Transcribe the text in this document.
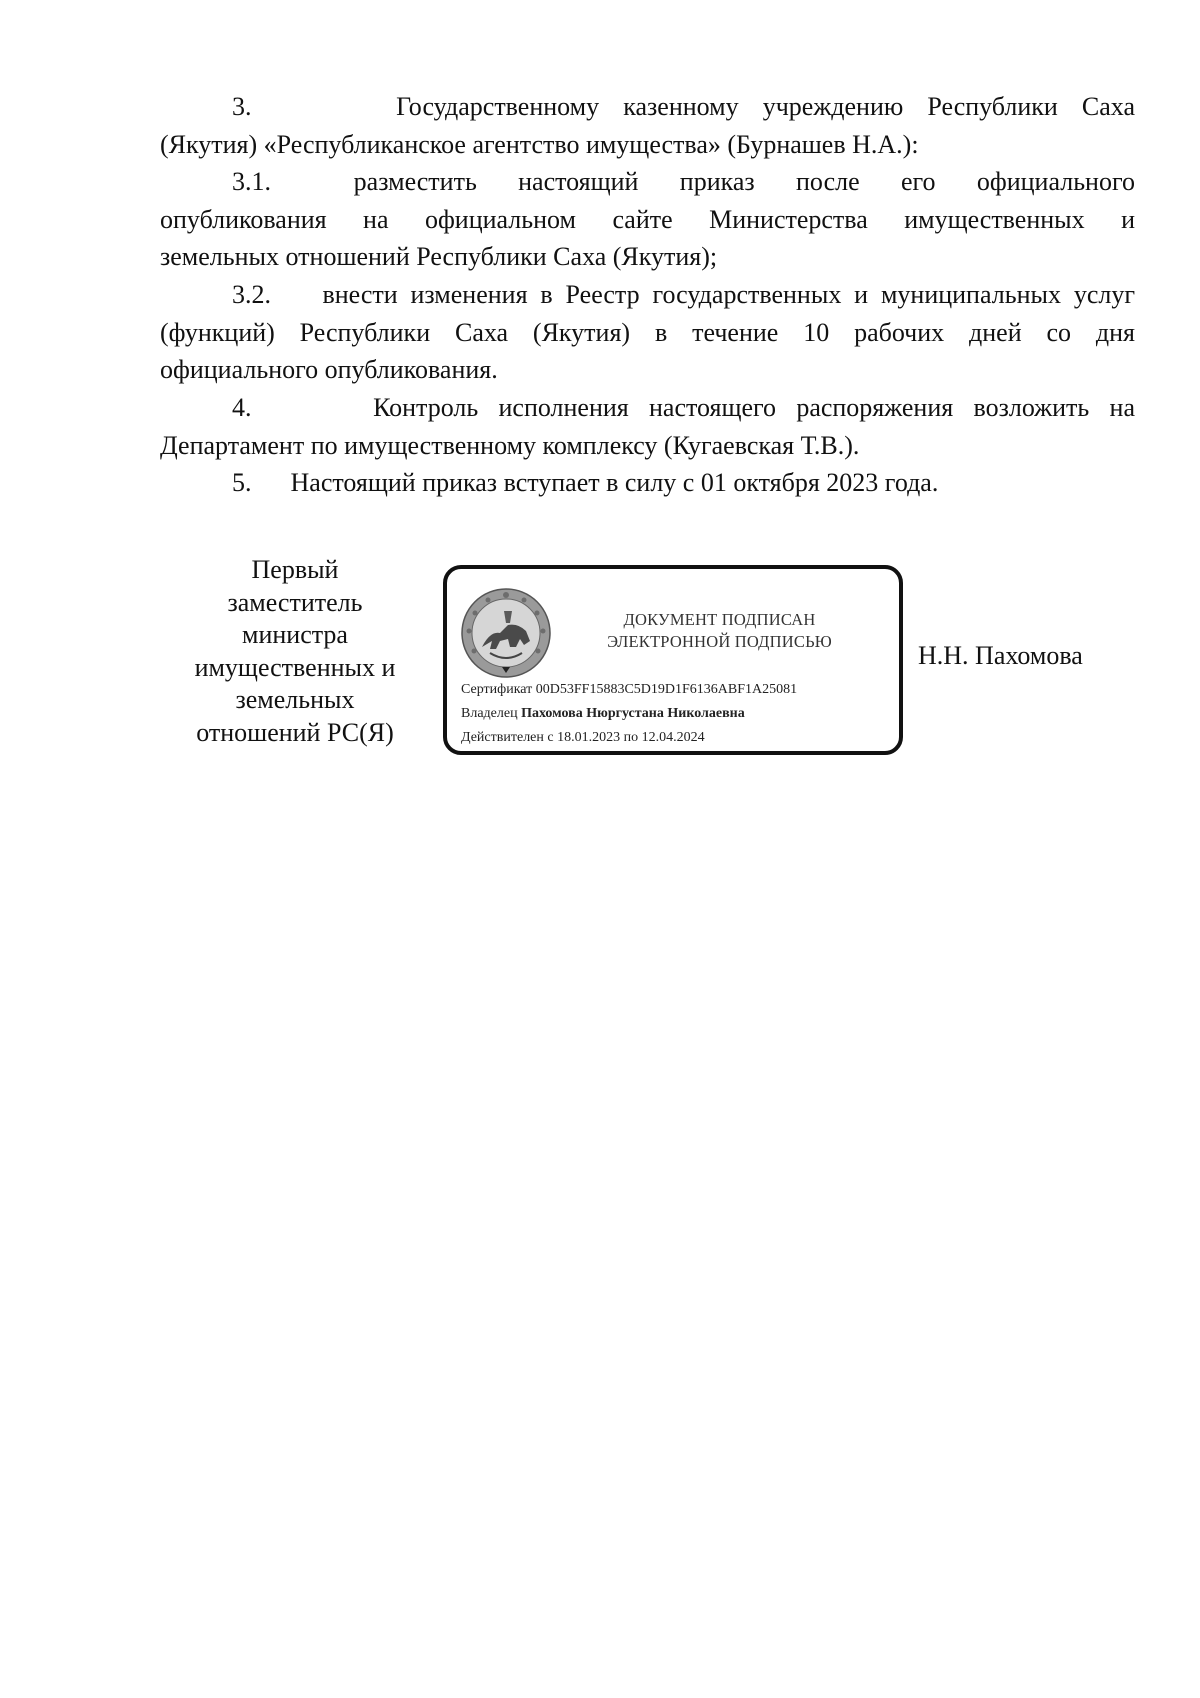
3.      Государственному казенному учреждению Республики Саха
(Якутия) «Республиканское агентство имущества» (Бурнашев Н.А.):
3.1.  разместить настоящий приказ после его официального
опубликования на официальном сайте Министерства имущественных и
земельных отношений Республики Саха (Якутия);
3.2.    внести изменения в Реестр государственных и муниципальных услуг
(функций) Республики Саха (Якутия) в течение 10 рабочих дней со дня
официального опубликования.
4.      Контроль исполнения настоящего распоряжения возложить на
Департамент по имущественному комплексу (Кугаевская Т.В.).
5.      Настоящий приказ вступает в силу с 01 октября 2023 года.
Первый
заместитель
министра
имущественных и
земельных
отношений РС(Я)
ДОКУМЕНТ ПОДПИСАН
ЭЛЕКТРОННОЙ ПОДПИСЬЮ
Сертификат 00D53FF15883C5D19D1F6136ABF1A25081
Владелец Пахомова Нюргустана Николаевна
Действителен с 18.01.2023 по 12.04.2024
Н.Н. Пахомова
